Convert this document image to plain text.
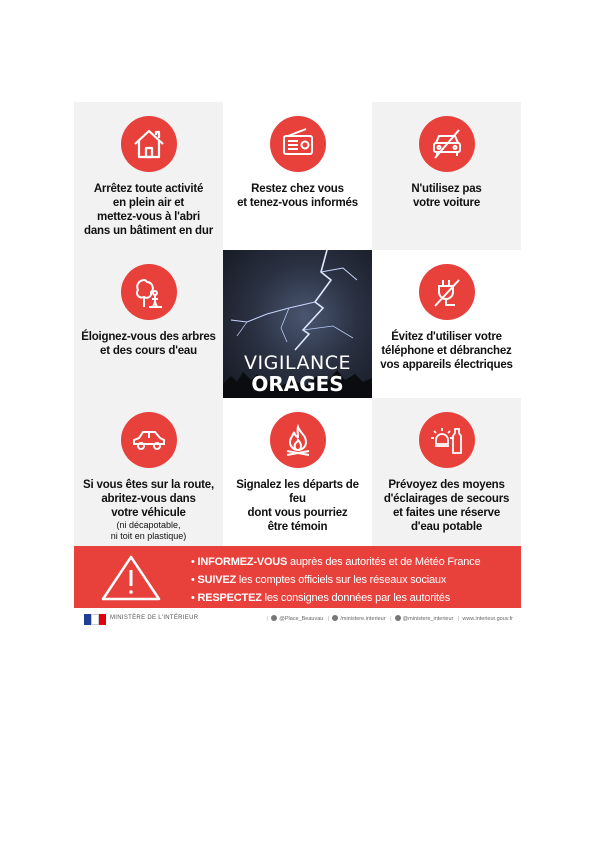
Arrêtez toute activité
en plein air et
mettez-vous à l'abri
dans un bâtiment en dur
Restez chez vous
et tenez-vous informés
N'utilisez pas
votre voiture
Éloignez-vous des arbres
et des cours d'eau
VIGILANCE
ORAGES
Évitez d'utiliser votre
téléphone et débranchez
vos appareils électriques
Si vous êtes sur la route,
abritez-vous dans
votre véhicule
(ni décapotable,
ni toit en plastique)
Signalez les départs de feu
dont vous pourriez
être témoin
Prévoyez des moyens
d'éclairages de secours
et faites une réserve
d'eau potable
• INFORMEZ-VOUS auprès des autorités et de Météo France
• SUIVEZ les comptes officiels sur les réseaux sociaux
• RESPECTEZ les consignes données par les autorités
MINISTÈRE DE L'INTÉRIEUR	| @Place_Beauvau | /ministere.interieur | @ministere_interieur | www.interieur.gouv.fr
